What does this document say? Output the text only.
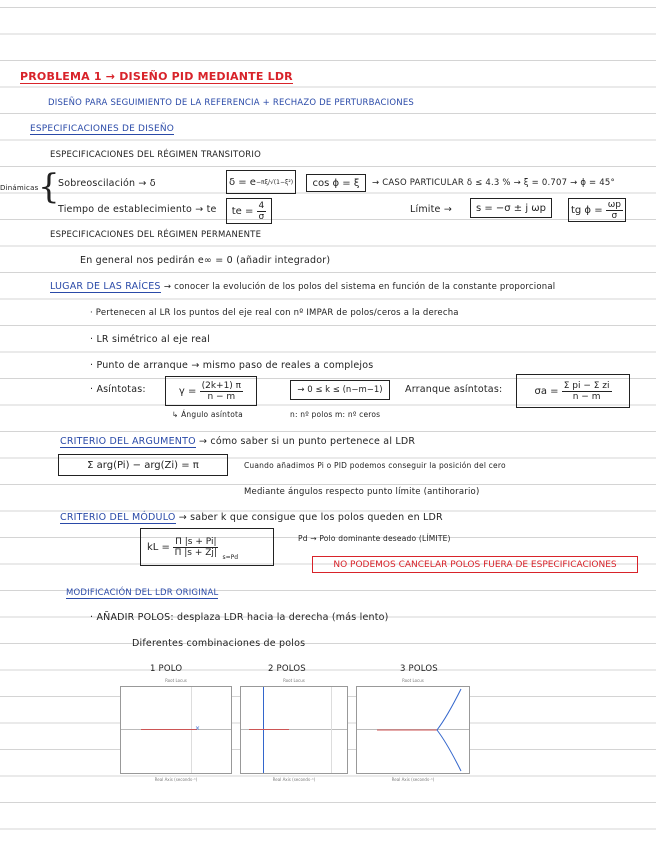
PROBLEMA 1 → DISEÑO PID MEDIANTE LDR
DISEÑO PARA SEGUIMIENTO DE LA REFERENCIA + RECHAZO DE PERTURBACIONES
ESPECIFICACIONES DE DISEÑO
ESPECIFICACIONES DEL RÉGIMEN TRANSITORIO
Dinámicas {
Sobreoscilación → δ	δ = e −πξ/√(1−ξ²) cos ϕ = ξ → CASO PARTICULAR δ ≤ 4.3 % → ξ = 0.707 → ϕ = 45°
Tiempo de establecimiento → te te =
$\frac{4}{\sigma}$	Límite → s = −σ ± j ωp tg ϕ =
$\frac{\omega p}{\sigma}$
ESPECIFICACIONES DEL RÉGIMEN PERMANENTE
En general nos pedirán e∞ = 0 (añadir integrador)
LUGAR DE LAS RAÍCES → conocer la evolución de los polos del sistema en función de la constante proporcional
· Pertenecen al LR los puntos del eje real con nº IMPAR de polos/ceros a la derecha
· LR simétrico al eje real
· Punto de arranque → mismo paso de reales a complejos
· Asíntotas:	γ =
$\frac{(2k+1) \pi}{n - m}$	→ 0 ≤ k ≤ (n−m−1) Arranque asíntotas:	σa =
$\frac{\text{Σ pi − Σ zi}}{n - m}$
↳ Ángulo asíntota	n: nº polos m: nº ceros
CRITERIO DEL ARGUMENTO → cómo saber si un punto pertenece al LDR
Σ arg(Pi) − arg(Zi) = π	Cuando añadimos Pi o PID podemos conseguir la posición del cero
Mediante ángulos respecto punto límite (antihorario)
CRITERIO DEL MÓDULO → saber k que consigue que los polos queden en LDR
kL =
$\frac{\Pi |s + Pi|}{\Pi |s + Zj|} s=Pd$
Pd → Polo dominante deseado (LÍMITE)
NO PODEMOS CANCELAR POLOS FUERA DE ESPECIFICACIONES
MODIFICACIÓN DEL LDR ORIGINAL
· AÑADIR POLOS: desplaza LDR hacia la derecha (más lento)
Diferentes combinaciones de polos
1 POLO	2 POLOS	3 POLOS
Root Locus
×
Real Axis (seconds⁻¹)
Root Locus
Real Axis (seconds⁻¹)
Root Locus
Real Axis (seconds⁻¹)
